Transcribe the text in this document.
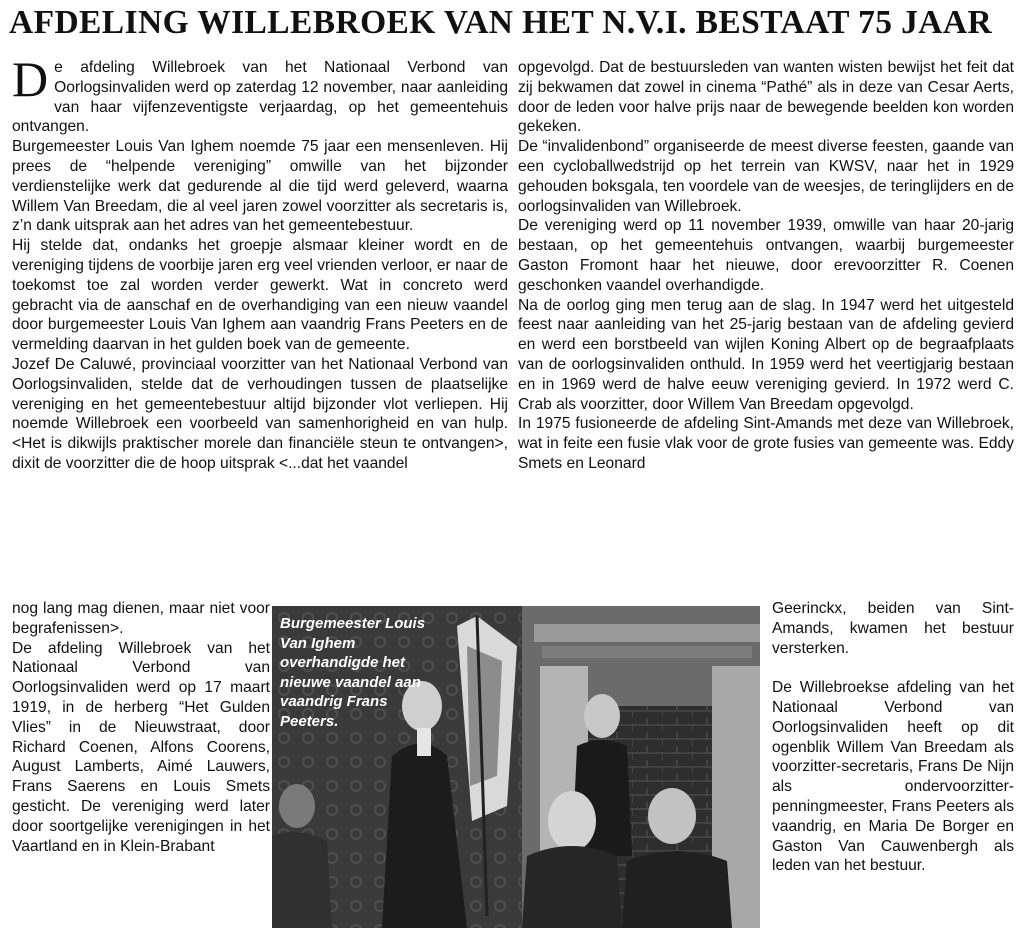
AFDELING WILLEBROEK VAN HET N.V.I. BESTAAT 75 JAAR

De afdeling Willebroek van het Nationaal Verbond van Oorlogsinvaliden werd op zaterdag 12 november, naar aanleiding van haar vijfenzeventigste verjaardag, op het gemeentehuis ontvangen.

Burgemeester Louis Van Ighem noemde 75 jaar een mensenleven. Hij prees de “helpende vereniging” omwille van het bijzonder verdienstelijke werk dat gedurende al die tijd werd geleverd, waarna Willem Van Breedam, die al veel jaren zowel voorzitter als secretaris is, z’n dank uitsprak aan het adres van het gemeentebestuur.

Hij stelde dat, ondanks het groepje alsmaar kleiner wordt en de vereniging tijdens de voorbije jaren erg veel vrienden verloor, er naar de toekomst toe zal worden verder gewerkt. Wat in concreto werd gebracht via de aanschaf en de overhandiging van een nieuw vaandel door burgemeester Louis Van Ighem aan vaandrig Frans Peeters en de vermelding daarvan in het gulden boek van de gemeente.

Jozef De Caluwé, provinciaal voorzitter van het Nationaal Verbond van Oorlogsinvaliden, stelde dat de verhoudingen tussen de plaatselijke vereniging en het gemeentebestuur altijd bijzonder vlot verliepen. Hij noemde Willebroek een voorbeeld van samenhorigheid en van hulp. <Het is dikwijls praktischer morele dan financiële steun te ontvangen>, dixit de voorzitter die de hoop uitsprak <...dat het vaandel

nog lang mag dienen, maar niet voor begrafenissen>.

De afdeling Willebroek van het Nationaal Verbond van Oorlogsinvaliden werd op 17 maart 1919, in de herberg “Het Gulden Vlies” in de Nieuwstraat, door Richard Coenen, Alfons Coorens, August Lamberts, Aimé Lauwers, Frans Saerens en Louis Smets gesticht. De vereniging werd later door soortgelijke verenigingen in het Vaartland en in Klein-Brabant

opgevolgd. Dat de bestuursleden van wanten wisten bewijst het feit dat zij bekwamen dat zowel in cinema “Pathé” als in deze van Cesar Aerts, door de leden voor halve prijs naar de bewegende beelden kon worden gekeken.

De “invalidenbond” organiseerde de meest diverse feesten, gaande van een cycloballwedstrijd op het terrein van KWSV, naar het in 1929 gehouden boksgala, ten voordele van de weesjes, de teringlijders en de oorlogsinvaliden van Willebroek.

De vereniging werd op 11 november 1939, omwille van haar 20-jarig bestaan, op het gemeentehuis ontvangen, waarbij burgemeester Gaston Fromont haar het nieuwe, door erevoorzitter R. Coenen geschonken vaandel overhandigde.

Na de oorlog ging men terug aan de slag. In 1947 werd het uitgesteld feest naar aanleiding van het 25-jarig bestaan van de afdeling gevierd en werd een borstbeeld van wijlen Koning Albert op de begraafplaats van de oorlogsinvaliden onthuld. In 1959 werd het veertigjarig bestaan en in 1969 werd de halve eeuw vereniging gevierd. In 1972 werd C. Crab als voorzitter, door Willem Van Breedam opgevolgd.

In 1975 fusioneerde de afdeling Sint-Amands met deze van Willebroek, wat in feite een fusie vlak voor de grote fusies van gemeente was. Eddy Smets en Leonard

Geerinckx, beiden van Sint-Amands, kwamen het bestuur versterken.

De Willebroekse afdeling van het Nationaal Verbond van Oorlogsinvaliden heeft op dit ogenblik Willem Van Breedam als voorzitter-secretaris, Frans De Nijn als ondervoorzitter-penningmeester, Frans Peeters als vaandrig, en Maria De Borger en Gaston Van Cauwenbergh als leden van het bestuur.

Burgemeester Louis Van Ighem overhandigde het nieuwe vaandel aan vaandrig Frans Peeters.
